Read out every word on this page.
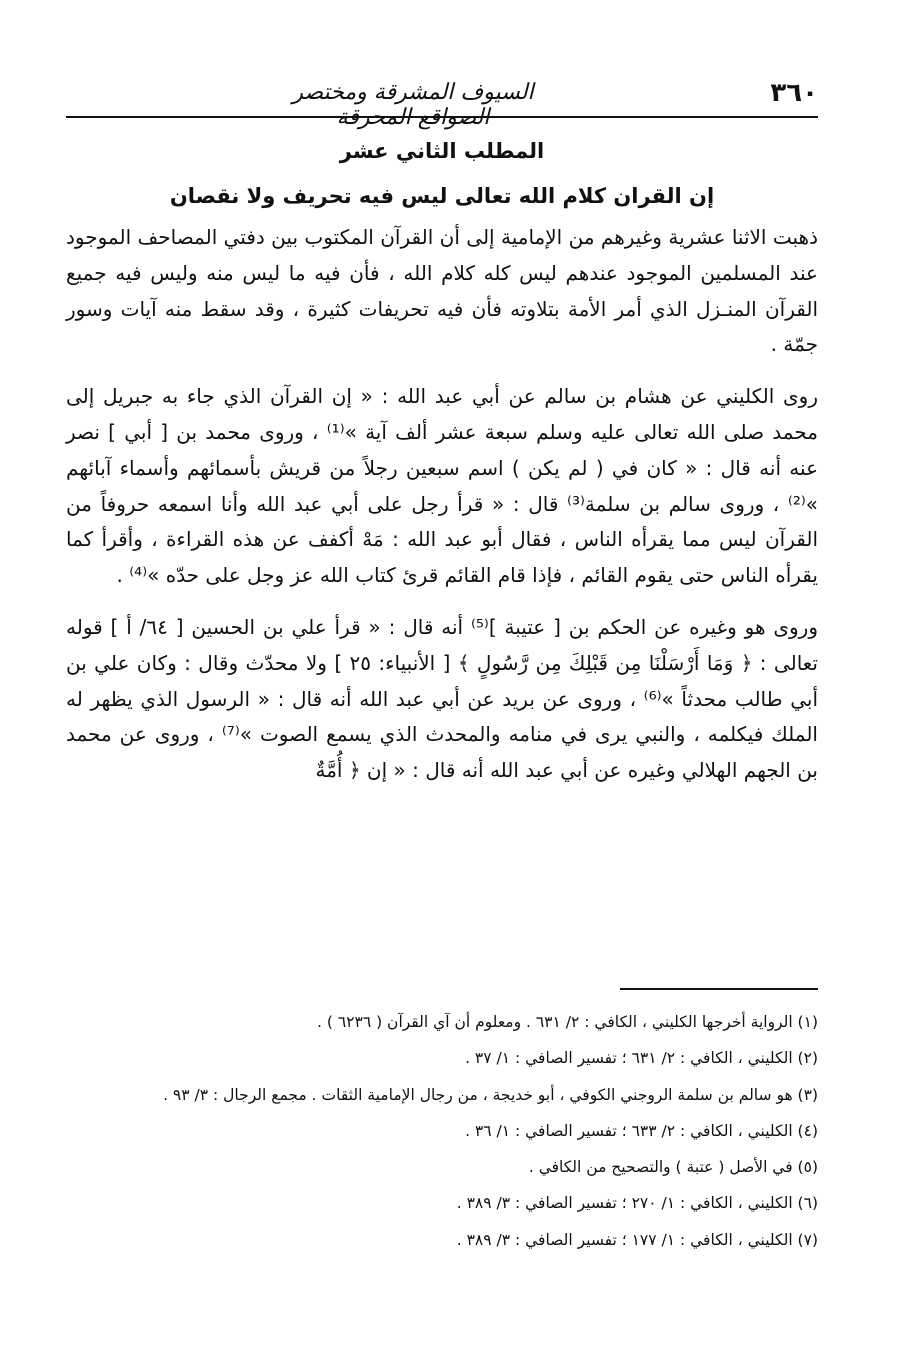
٣٦٠
السيوف المشرقة ومختصر الصواقع المحرقة
المطلب الثاني عشر
إن القران كلام الله تعالى ليس فيه تحريف ولا نقصان

ذهبت الاثنا عشرية وغيرهم من الإمامية إلى أن القرآن المكتوب بين دفتي المصاحف الموجود عند المسلمين الموجود عندهم ليس كله كلام الله ، فأن فيه ما ليس منه وليس فيه جميع القرآن المنـزل الذي أمر الأمة بتلاوته فأن فيه تحريفات كثيرة ، وقد سقط منه آيات وسور جمّة .

روى الكليني عن هشام بن سالم عن أبي عبد الله : « إن القرآن الذي جاء به جبريل إلى محمد صلى الله تعالى عليه وسلم سبعة عشر ألف آية »⁽¹⁾ ، وروى محمد بن [ أبي ] نصر عنه أنه قال : « كان في ( لم يكن ) اسم سبعين رجلاً من قريش بأسمائهم وأسماء آبائهم »⁽²⁾ ، وروى سالم بن سلمة⁽³⁾ قال : « قرأ رجل على أبي عبد الله وأنا اسمعه حروفاً من القرآن ليس مما يقرأه الناس ، فقال أبو عبد الله : مَهْ أكفف عن هذه القراءة ، وأقرأ كما يقرأه الناس حتى يقوم القائم ، فإذا قام القائم قرئ كتاب الله عز وجل على حدّه »⁽⁴⁾ .

وروى هو وغيره عن الحكم بن [ عتيبة ]⁽⁵⁾ أنه قال : « قرأ علي بن الحسين [ ٦٤/ أ ] قوله تعالى : ﴿ وَمَا أَرْسَلْنَا مِن قَبْلِكَ مِن رَّسُولٍ ﴾ [ الأنبياء: ٢٥ ] ولا محدّث وقال : وكان علي بن أبي طالب محدثاً »⁽⁶⁾ ، وروى عن بريد عن أبي عبد الله أنه قال : « الرسول الذي يظهر له الملك فيكلمه ، والنبي يرى في منامه والمحدث الذي يسمع الصوت »⁽⁷⁾ ، وروى عن محمد بن الجهم الهلالي وغيره عن أبي عبد الله أنه قال : « إن ﴿ أُمَّةٌ

(١) الرواية أخرجها الكليني ، الكافي : ٢/ ٦٣١ . ومعلوم أن آي القرآن ( ٦٢٣٦ ) .
(٢) الكليني ، الكافي : ٢/ ٦٣١ ؛ تفسير الصافي : ١/ ٣٧ .
(٣) هو سالم بن سلمة الروجني الكوفي ، أبو خديجة ، من رجال الإمامية الثقات . مجمع الرجال : ٣/ ٩٣ .
(٤) الكليني ، الكافي : ٢/ ٦٣٣ ؛ تفسير الصافي : ١/ ٣٦ .
(٥) في الأصل ( عتبة ) والتصحيح من الكافي .
(٦) الكليني ، الكافي : ١/ ٢٧٠ ؛ تفسير الصافي : ٣/ ٣٨٩ .
(٧) الكليني ، الكافي : ١/ ١٧٧ ؛ تفسير الصافي : ٣/ ٣٨٩ .
